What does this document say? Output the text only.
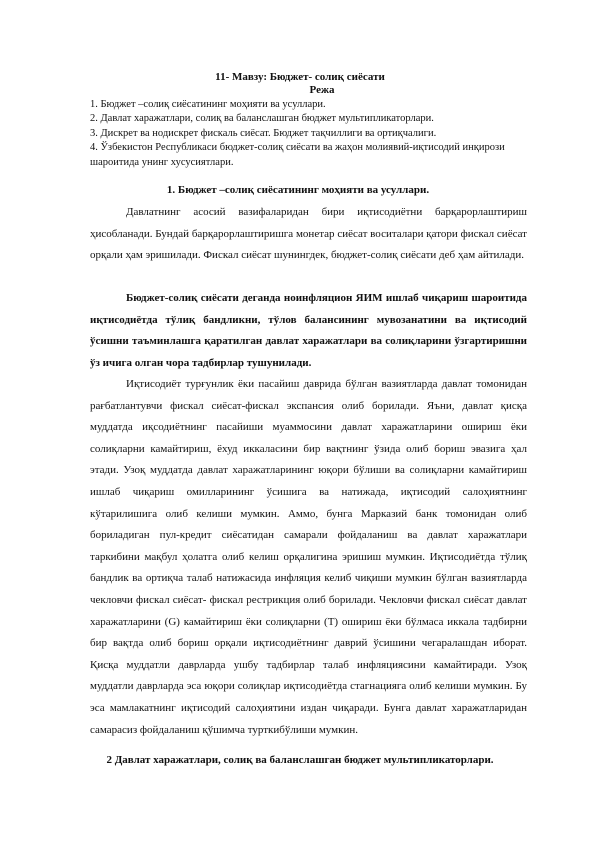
11- Мавзу: Бюджет- солиқ сиёсати
Режа
1. Бюджет –солиқ сиёсатининг моҳияти ва усуллари.
2. Давлат харажатлари, солиқ ва баланслашган бюджет мультипликаторлари.
3. Дискрет ва нодискрет фискаль сиёсат. Бюджет тақчиллиги ва ортиқчалиги.
4. Ўзбекистон Республикаси бюджет-солиқ сиёсати ва жаҳон молиявий-иқтисодий инқирози шароитида унинг хусусиятлари.
1. Бюджет –солиқ сиёсатининг моҳияти ва усуллари.
Давлатнинг асосий вазифаларидан бири иқтисодиётни барқарорлаштириш ҳисобланади. Бундай барқарорлаштиришга монетар сиёсат воситалари қатори фискал сиёсат орқали ҳам эришилади. Фискал сиёсат шунингдек, бюджет-солиқ сиёсати деб ҳам айтилади.
Бюджет-солиқ сиёсати деганда ноинфляцион ЯИМ ишлаб чиқариш шароитида иқтисодиётда тўлиқ бандликни, тўлов балансининг мувозанатини ва иқтисодий ўсишни таъминлашга қаратилган давлат харажатлари ва солиқларини ўзгартиришни ўз ичига олган чора тадбирлар тушунилади.
Иқтисодиёт турғунлик ёки пасайиш даврида бўлган вазиятларда давлат томонидан рағбатлантувчи фискал сиёсат-фискал экспансия олиб борилади. Яъни, давлат қисқа муддатда иқсодиётнинг пасайиши муаммосини давлат харажатларини ошириш ёки солиқларни камайтириш, ёхуд иккаласини бир вақтнинг ўзида олиб бориш эвазига ҳал этади. Узоқ муддатда давлат харажатларининг юқори бўлиши ва солиқларни камайтириш ишлаб чиқариш омилларининг ўсишига ва натижада, иқтисодий салоҳиятнинг кўтарилишига олиб келиши мумкин. Аммо, бунга Марказий банк томонидан олиб бориладиган пул-кредит сиёсатидан самарали фойдаланиш ва давлат харажатлари таркибини мақбул ҳолатга олиб келиш орқалигина эришиш мумкин. Иқтисодиётда тўлиқ бандлик ва ортиқча талаб натижасида инфляция келиб чиқиши мумкин бўлган вазиятларда чекловчи фискал сиёсат- фискал рестрикция олиб борилади. Чекловчи фискал сиёсат давлат харажатларини (G) камайтириш ёки солиқларни (T) ошириш ёки бўлмаса иккала тадбирни бир вақтда олиб бориш орқали иқтисодиётнинг даврий ўсишини чегаралашдан иборат. Қисқа муддатли даврларда ушбу тадбирлар талаб инфляциясини камайтиради. Узоқ муддатли даврларда эса юқори солиқлар иқтисодиётда стагнацияга олиб келиши мумкин. Бу эса мамлакатнинг иқтисодий салоҳиятини издан чиқаради. Бунга давлат харажатларидан самарасиз фойдаланиш қўшимча турткибўлиши мумкин.
2 Давлат харажатлари, солиқ ва баланслашган бюджет мультипликаторлари.
